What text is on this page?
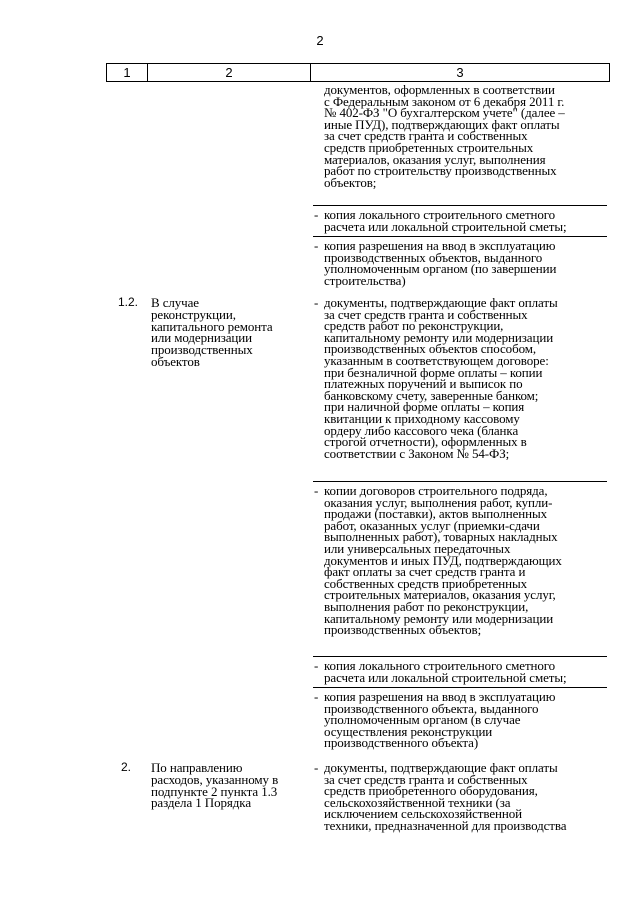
2
1	2	3
документов, оформленных в соответствии
с Федеральным законом от 6 декабря 2011 г.
№ 402-ФЗ "О бухгалтерском учете" (далее –
иные ПУД), подтверждающих факт оплаты
за счет средств гранта и собственных
средств приобретенных строительных
материалов, оказания услуг, выполнения
работ по строительству производственных
объектов;
- копия локального строительного сметного
расчета или локальной строительной сметы;
- копия разрешения на ввод в эксплуатацию
производственных объектов, выданного
уполномоченным органом (по завершении
строительства)
1.2. В случае
реконструкции,
капитального ремонта
или модернизации
производственных
объектов
- документы, подтверждающие факт оплаты
за счет средств гранта и собственных
средств работ по реконструкции,
капитальному ремонту или модернизации
производственных объектов способом,
указанным в соответствующем договоре:
при безналичной форме оплаты – копии
платежных поручений и выписок по
банковскому счету, заверенные банком;
при наличной форме оплаты – копия
квитанции к приходному кассовому
ордеру либо кассового чека (бланка
строгой отчетности), оформленных в
соответствии с Законом № 54-ФЗ;
- копии договоров строительного подряда,
оказания услуг, выполнения работ, купли-
продажи (поставки), актов выполненных
работ, оказанных услуг (приемки-сдачи
выполненных работ), товарных накладных
или универсальных передаточных
документов и иных ПУД, подтверждающих
факт оплаты за счет средств гранта и
собственных средств приобретенных
строительных материалов, оказания услуг,
выполнения работ по реконструкции,
капитальному ремонту или модернизации
производственных объектов;
- копия локального строительного сметного
расчета или локальной строительной сметы;
- копия разрешения на ввод в эксплуатацию
производственного объекта, выданного
уполномоченным органом (в случае
осуществления реконструкции
производственного объекта)
2. По направлению
расходов, указанному в
подпункте 2 пункта 1.3
раздела 1 Порядка
- документы, подтверждающие факт оплаты
за счет средств гранта и собственных
средств приобретенного оборудования,
сельскохозяйственной техники (за
исключением сельскохозяйственной
техники, предназначенной для производства
